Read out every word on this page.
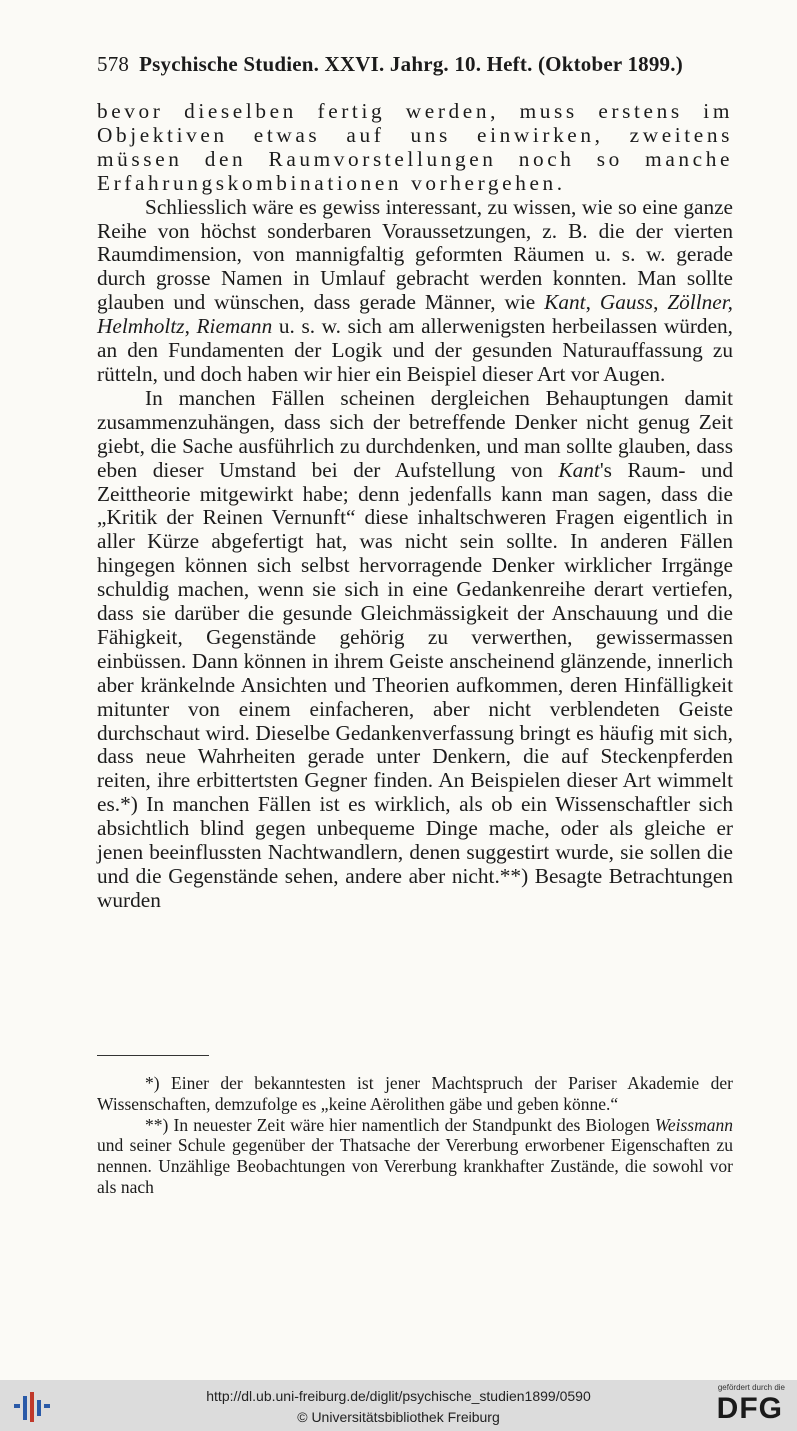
578 Psychische Studien. XXVI. Jahrg. 10. Heft. (Oktober 1899.)

bevor dieselben fertig werden, muss erstens im Objektiven etwas auf uns einwirken, zweitens müssen den Raumvorstellungen noch so manche Erfahrungskombinationen vorhergehen.

Schliesslich wäre es gewiss interessant, zu wissen, wie so eine ganze Reihe von höchst sonderbaren Voraussetzungen, z. B. die der vierten Raumdimension, von mannigfaltig geformten Räumen u. s. w. gerade durch grosse Namen in Umlauf gebracht werden konnten. Man sollte glauben und wünschen, dass gerade Männer, wie Kant, Gauss, Zöllner, Helmholtz, Riemann u. s. w. sich am allerwenigsten herbeilassen würden, an den Fundamenten der Logik und der gesunden Naturauffassung zu rütteln, und doch haben wir hier ein Beispiel dieser Art vor Augen.

In manchen Fällen scheinen dergleichen Behauptungen damit zusammenzuhängen, dass sich der betreffende Denker nicht genug Zeit giebt, die Sache ausführlich zu durchdenken, und man sollte glauben, dass eben dieser Umstand bei der Aufstellung von Kant's Raum- und Zeittheorie mitgewirkt habe; denn jedenfalls kann man sagen, dass die „Kritik der Reinen Vernunft“ diese inhaltschweren Fragen eigentlich in aller Kürze abgefertigt hat, was nicht sein sollte. In anderen Fällen hingegen können sich selbst hervorragende Denker wirklicher Irrgänge schuldig machen, wenn sie sich in eine Gedankenreihe derart vertiefen, dass sie darüber die gesunde Gleichmässigkeit der Anschauung und die Fähigkeit, Gegenstände gehörig zu verwerthen, gewissermassen einbüssen. Dann können in ihrem Geiste anscheinend glänzende, innerlich aber kränkelnde Ansichten und Theorien aufkommen, deren Hinfälligkeit mitunter von einem einfacheren, aber nicht verblendeten Geiste durchschaut wird. Dieselbe Gedankenverfassung bringt es häufig mit sich, dass neue Wahrheiten gerade unter Denkern, die auf Steckenpferden reiten, ihre erbittertsten Gegner finden. An Beispielen dieser Art wimmelt es.*) In manchen Fällen ist es wirklich, als ob ein Wissenschaftler sich absichtlich blind gegen unbequeme Dinge mache, oder als gleiche er jenen beeinflussten Nachtwandlern, denen suggestirt wurde, sie sollen die und die Gegenstände sehen, andere aber nicht.**) Besagte Betrachtungen wurden

*) Einer der bekanntesten ist jener Machtspruch der Pariser Akademie der Wissenschaften, demzufolge es „keine Aërolithen gäbe und geben könne.“

**) In neuester Zeit wäre hier namentlich der Standpunkt des Biologen Weissmann und seiner Schule gegenüber der Thatsache der Vererbung erworbener Eigenschaften zu nennen. Unzählige Beobachtungen von Vererbung krankhafter Zustände, die sowohl vor als nach

http://dl.ub.uni-freiburg.de/diglit/psychische_studien1899/0590
© Universitätsbibliothek Freiburg
gefördert durch die
DFG
